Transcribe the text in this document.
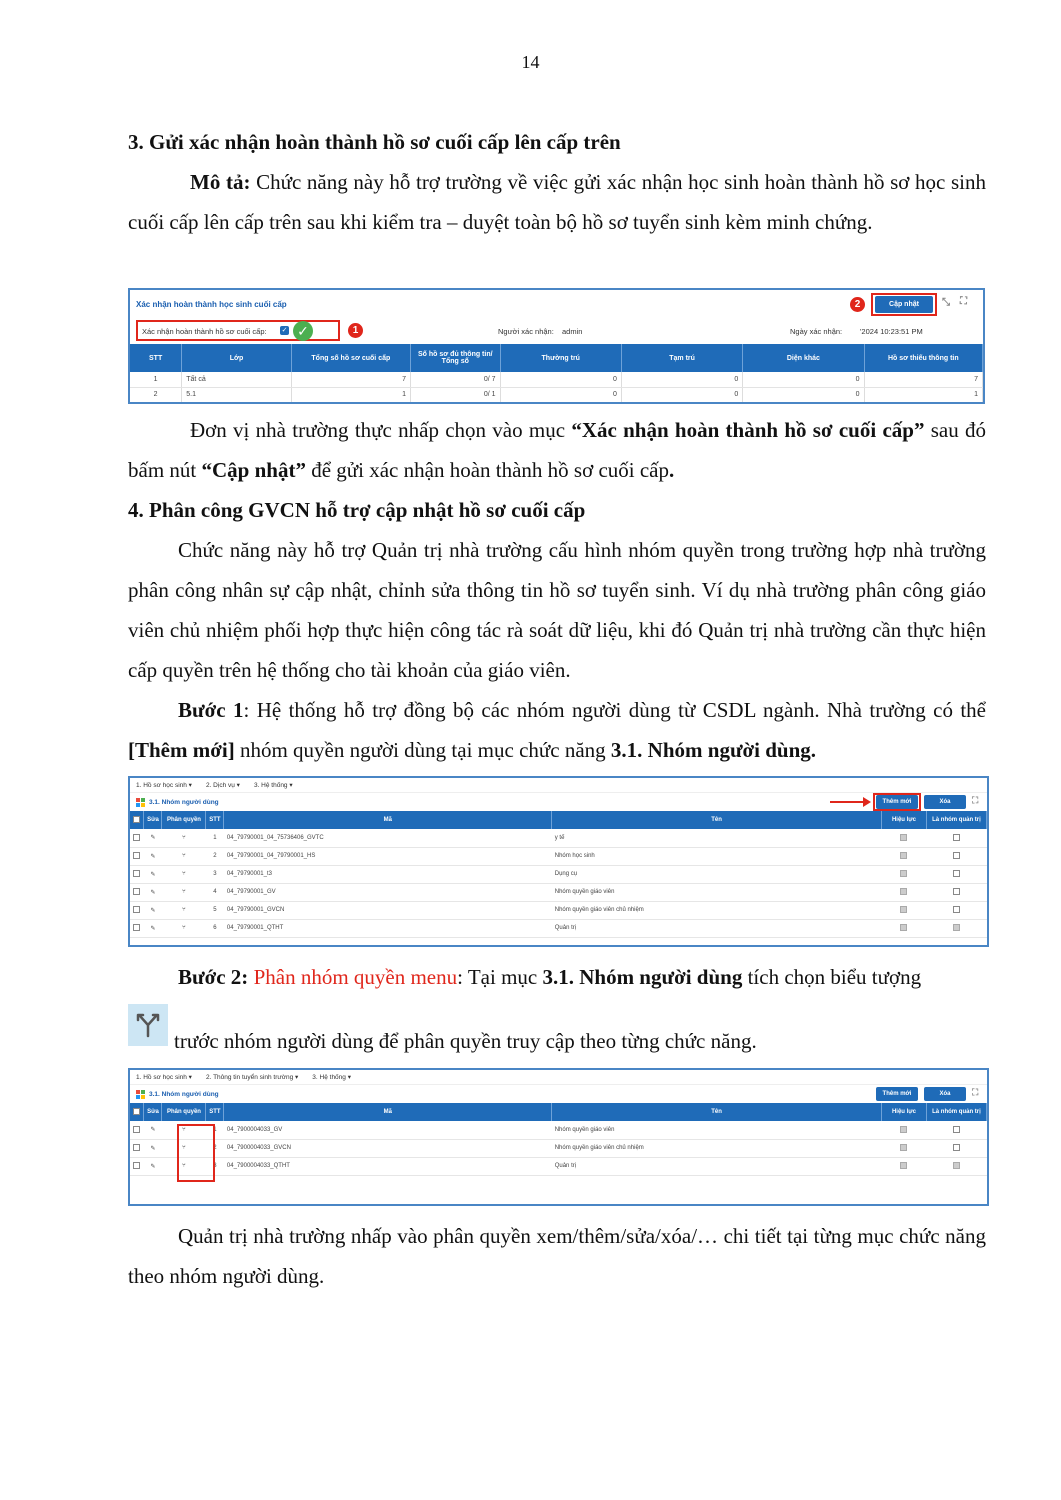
14
3. Gửi xác nhận hoàn thành hồ sơ cuối cấp lên cấp trên
Mô tả: Chức năng này hỗ trợ trường về việc gửi xác nhận học sinh hoàn thành hồ sơ học sinh cuối cấp lên cấp trên sau khi kiểm tra – duyệt toàn bộ hồ sơ tuyển sinh kèm minh chứng.
Xác nhận hoàn thành học sinh cuối cấp	2	Cập nhật	⤡ ⛶
Xác nhận hoàn thành hồ sơ cuối cấp: ✓ ✓	1	Người xác nhận: admin	Ngày xác nhận: '2024 10:23:51 PM
STT	Lớp	Tổng số hồ sơ cuối cấp	Số hồ sơ đủ thông tin/ Tổng số	Thường trú	Tạm trú	Diện khác	Hồ sơ thiếu thông tin
1	Tất cả	7	0/ 7	0	0	0	7
2	5.1	1	0/ 1	0	0	0	1
Đơn vị nhà trường thực nhấp chọn vào mục “Xác nhận hoàn thành hồ sơ cuối cấp” sau đó bấm nút “Cập nhật” để gửi xác nhận hoàn thành hồ sơ cuối cấp.
4. Phân công GVCN hỗ trợ cập nhật hồ sơ cuối cấp
Chức năng này hỗ trợ Quản trị nhà trường cấu hình nhóm quyền trong trường hợp nhà trường phân công nhân sự cập nhật, chỉnh sửa thông tin hồ sơ tuyển sinh. Ví dụ nhà trường phân công giáo viên chủ nhiệm phối hợp thực hiện công tác rà soát dữ liệu, khi đó Quản trị nhà trường cần thực hiện cấp quyền trên hệ thống cho tài khoản của giáo viên.
Bước 1: Hệ thống hỗ trợ đồng bộ các nhóm người dùng từ CSDL ngành. Nhà trường có thể [Thêm mới] nhóm quyền người dùng tại mục chức năng 3.1. Nhóm người dùng.
1. Hồ sơ học sinh ▾ 2. Dịch vụ ▾ 3. Hệ thống ▾
3.1. Nhóm người dùng	Thêm mới	Xóa	⛶
	Sửa	Phân quyền	STT	Mã	Tên	Hiệu lực	Là nhóm quản trị
	✎	⑂	1	04_79790001_04_75736406_GVTC	y tế		
	✎	⑂	2	04_79790001_04_79790001_HS	Nhóm học sinh		
	✎	⑂	3	04_79790001_t3	Dụng cụ		
	✎	⑂	4	04_79790001_GV	Nhóm quyền giáo viên		
	✎	⑂	5	04_79790001_GVCN	Nhóm quyền giáo viên chủ nhiệm		
	✎	⑂	6	04_79790001_QTHT	Quản trị		
Bước 2: Phân nhóm quyền menu: Tại mục 3.1. Nhóm người dùng tích chọn biểu tượng
trước nhóm người dùng để phân quyền truy cập theo từng chức năng.
1. Hồ sơ học sinh ▾ 2. Thông tin tuyển sinh trường ▾ 3. Hệ thống ▾
3.1. Nhóm người dùng	Thêm mới	Xóa	⛶
	Sửa	Phân quyền	STT	Mã	Tên	Hiệu lực	Là nhóm quản trị
	✎	⑂	1	04_7900004033_GV	Nhóm quyền giáo viên		
	✎	⑂	2	04_7900004033_GVCN	Nhóm quyền giáo viên chủ nhiệm		
	✎	⑂	3	04_7900004033_QTHT	Quản trị		
Quản trị nhà trường nhấp vào phân quyền xem/thêm/sửa/xóa/… chi tiết tại từng mục chức năng theo nhóm người dùng.
